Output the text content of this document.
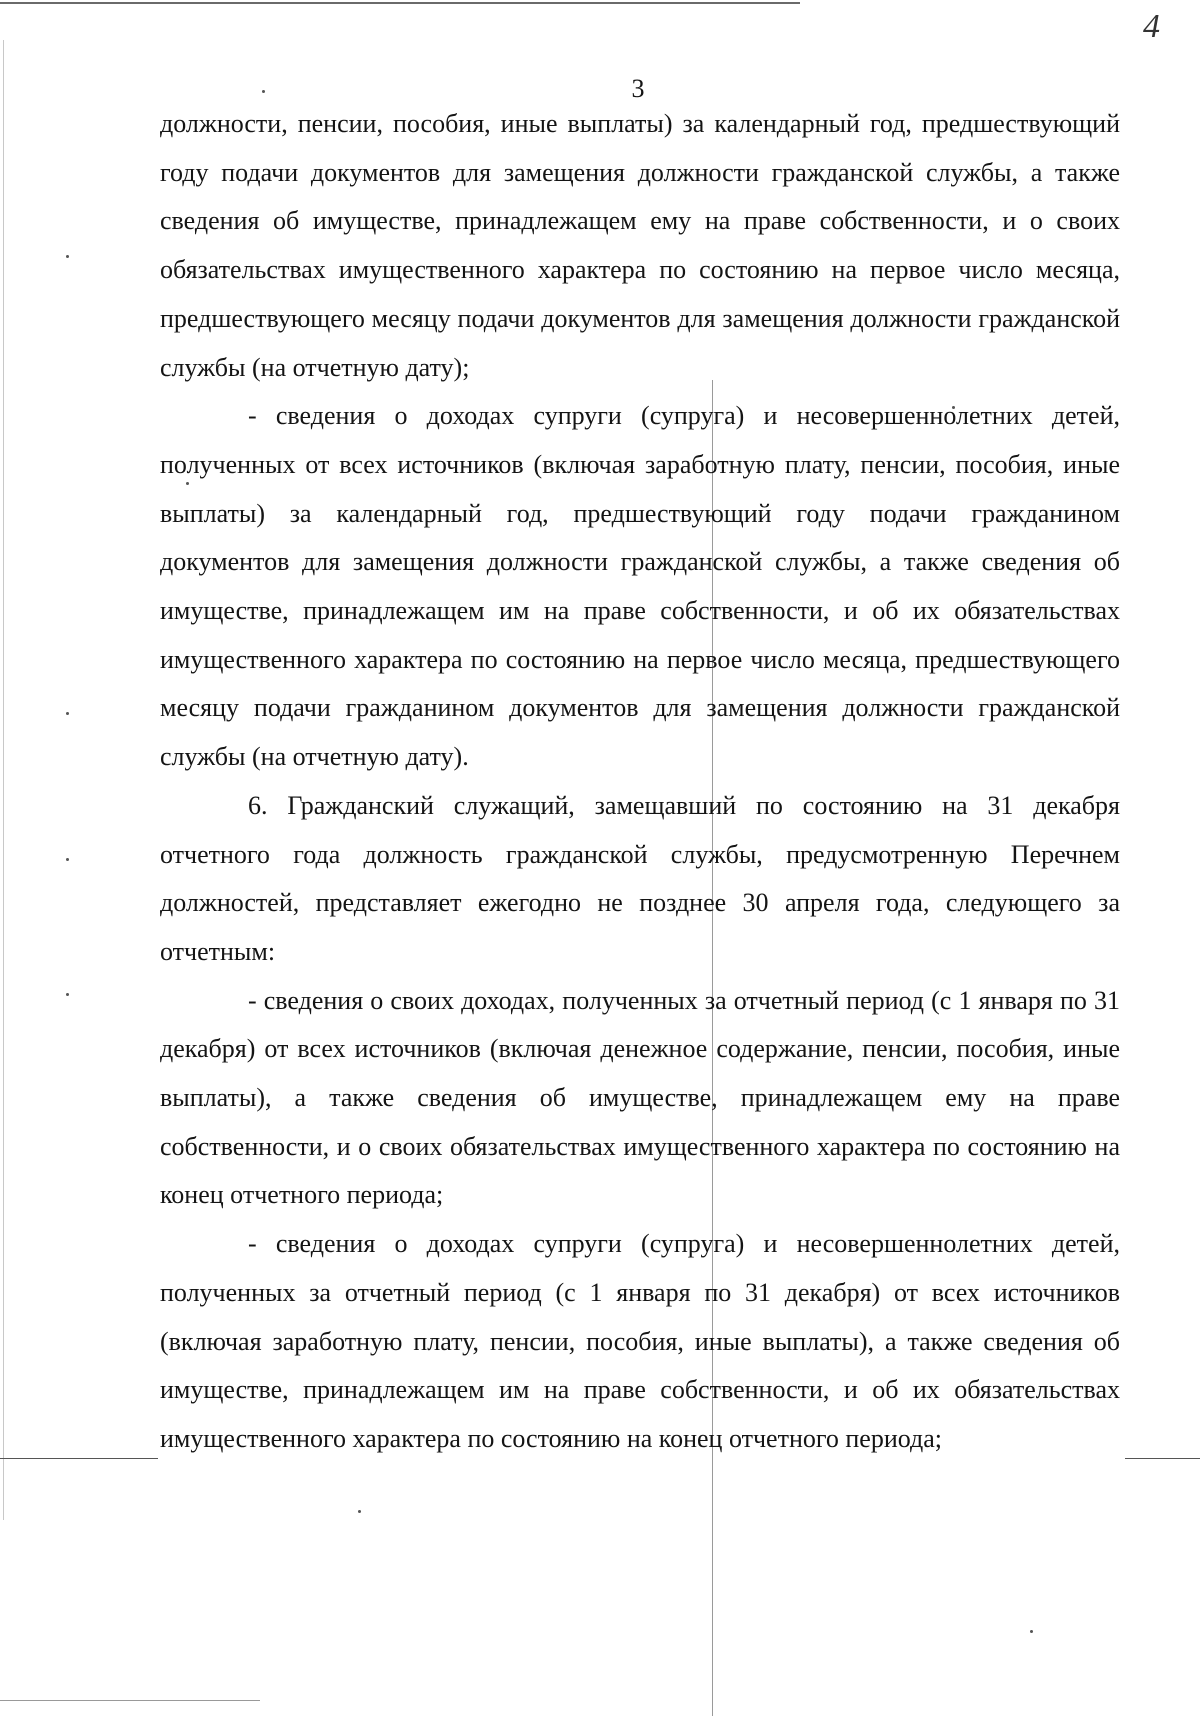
4
3

должности, пенсии, пособия, иные выплаты) за календарный год, предшествующий году подачи документов для замещения должности гражданской службы, а также сведения об имуществе, принадлежащем ему на праве собственности, и о своих обязательствах имущественного характера по состоянию на первое число месяца, предшествующего месяцу подачи документов для замещения должности гражданской службы (на отчетную дату);

- сведения о доходах супруги (супруга) и несовершеннолетних детей, полученных от всех источников (включая заработную плату, пенсии, пособия, иные выплаты) за календарный год, предшествующий году подачи гражданином документов для замещения должности гражданской службы, а также сведения об имуществе, принадлежащем им на праве собственности, и об их обязательствах имущественного характера по состоянию на первое число месяца, предшествующего месяцу подачи гражданином документов для замещения должности гражданской службы (на отчетную дату).

6. Гражданский служащий, замещавший по состоянию на 31 декабря отчетного года должность гражданской службы, предусмотренную Перечнем должностей, представляет ежегодно не позднее 30 апреля года, следующего за отчетным:

- сведения о своих доходах, полученных за отчетный период (с 1 января по 31 декабря) от всех источников (включая денежное содержание, пенсии, пособия, иные выплаты), а также сведения об имуществе, принадлежащем ему на праве собственности, и о своих обязательствах имущественного характера по состоянию на конец отчетного периода;

- сведения о доходах супруги (супруга) и несовершеннолетних детей, полученных за отчетный период (с 1 января по 31 декабря) от всех источников (включая заработную плату, пенсии, пособия, иные выплаты), а также сведения об имуществе, принадлежащем им на праве собственности, и об их обязательствах имущественного характера по состоянию на конец отчетного периода;
